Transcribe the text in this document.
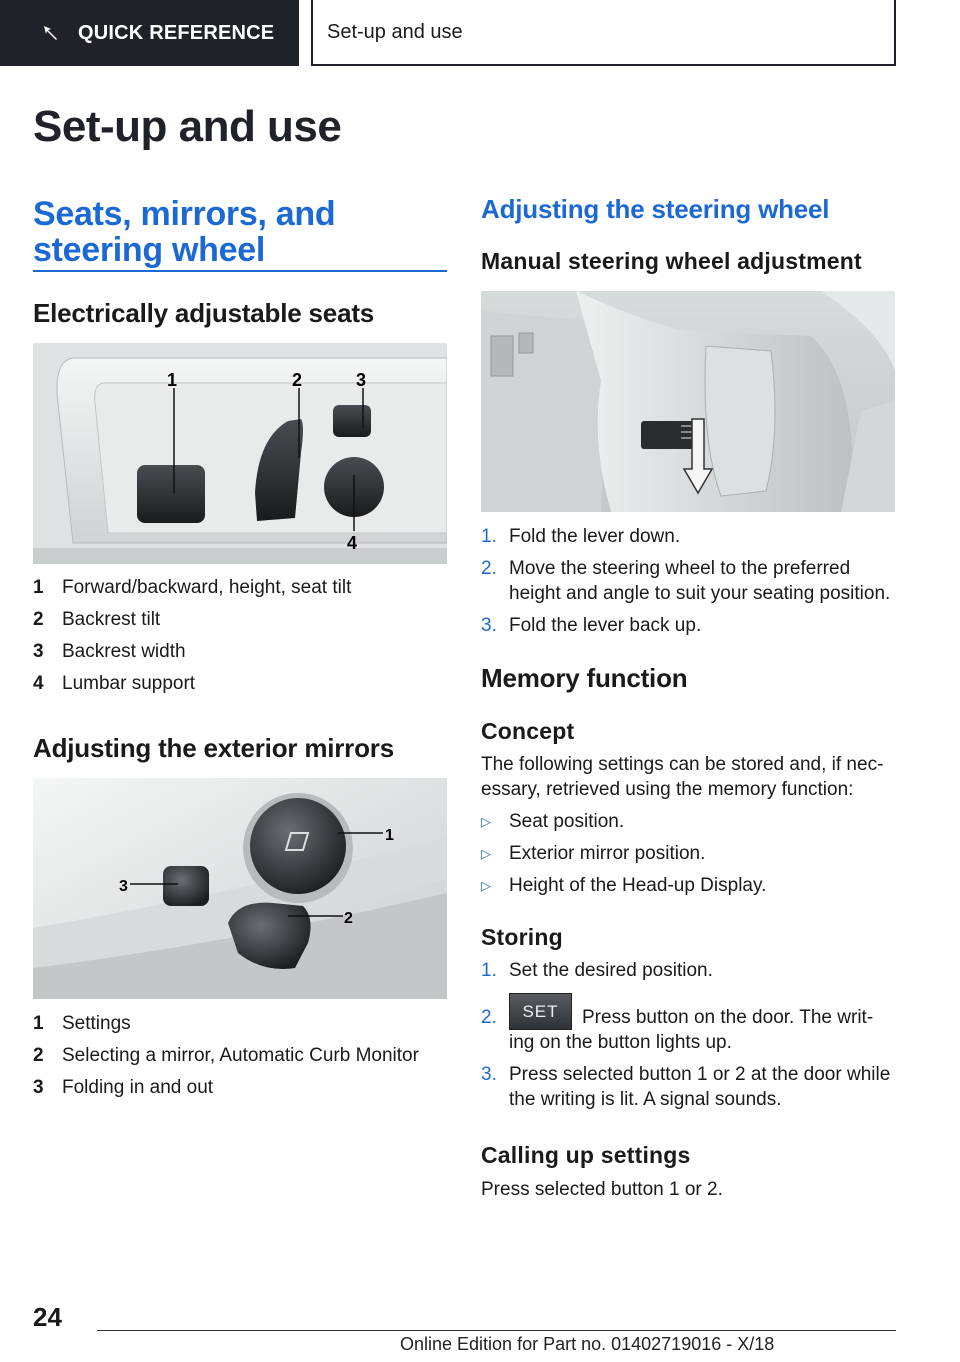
QUICK REFERENCE	Set-up and use
Set-up and use
Seats, mirrors, and steering wheel
Electrically adjustable seats
1	2	3
4
1 Forward/backward, height, seat tilt
2 Backrest tilt
3 Backrest width
4 Lumbar support
Adjusting the exterior mirrors
1
2
3
1 Settings
2 Selecting a mirror, Automatic Curb Monitor
3 Folding in and out
Adjusting the steering wheel
Manual steering wheel adjustment
1. Fold the lever down.
2. Move the steering wheel to the preferred height and angle to suit your seating position.
3. Fold the lever back up.
Memory function
Concept

The following settings can be stored and, if nec‐essary, retrieved using the memory function:

▷ Seat position.
▷ Exterior mirror position.
▷ Height of the Head-up Display.
Storing
1. Set the desired position.
2.	SET Press button on the door. The writ‐ing on the button lights up.
3. Press selected button 1 or 2 at the door while the writing is lit. A signal sounds.
Calling up settings

Press selected button 1 or 2.

24
Online Edition for Part no. 01402719016 - X/18
